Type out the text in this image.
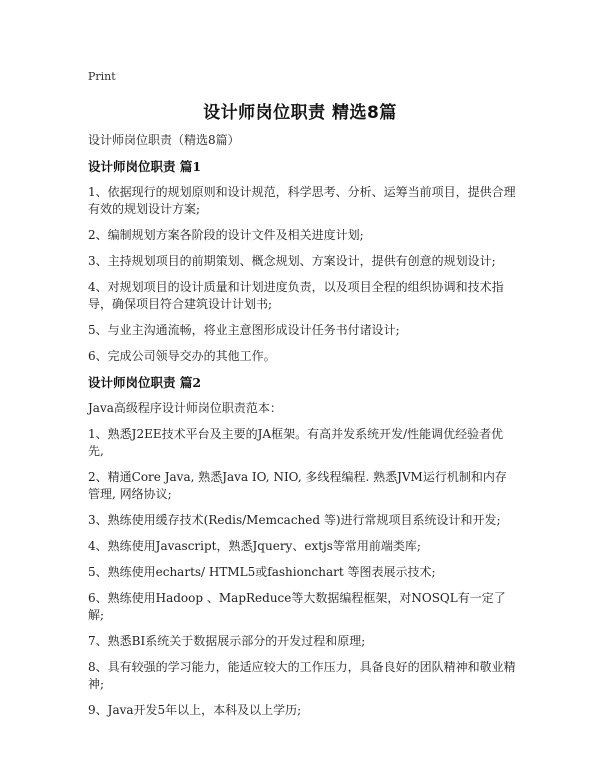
Print
设计师岗位职责 精选8篇
设计师岗位职责（精选8篇）
设计师岗位职责 篇1
1、依据现行的规划原则和设计规范，科学思考、分析、运筹当前项目，提供合理有效的规划设计方案;
2、编制规划方案各阶段的设计文件及相关进度计划;
3、主持规划项目的前期策划、概念规划、方案设计，提供有创意的规划设计;
4、对规划项目的设计质量和计划进度负责，以及项目全程的组织协调和技术指导，确保项目符合建筑设计计划书;
5、与业主沟通流畅，将业主意图形成设计任务书付诸设计;
6、完成公司领导交办的其他工作。
设计师岗位职责 篇2
Java高级程序设计师岗位职责范本：
1、熟悉J2EE技术平台及主要的JA框架。有高并发系统开发/性能调优经验者优先,
2、精通Core Java, 熟悉Java IO, NIO, 多线程编程. 熟悉JVM运行机制和内存管理, 网络协议;
3、熟练使用缓存技术(Redis/Memcached 等)进行常规项目系统设计和开发;
4、熟练使用Javascript，熟悉Jquery、extjs等常用前端类库;
5、熟练使用echarts/ HTML5或fashionchart 等图表展示技术;
6、熟练使用Hadoop 、MapReduce等大数据编程框架，对NOSQL有一定了解;
7、熟悉BI系统关于数据展示部分的开发过程和原理;
8、具有较强的学习能力，能适应较大的工作压力，具备良好的团队精神和敬业精神;
9、Java开发5年以上，本科及以上学历;
